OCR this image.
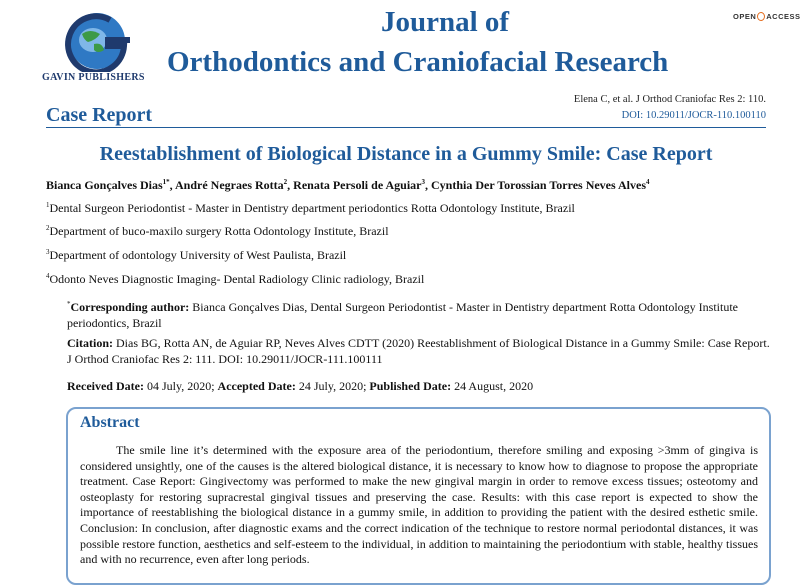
GAVIN PUBLISHERS
Journal of
Orthodontics and Craniofacial Research
OPEN ACCESS
Case Report
Elena C, et al. J Orthod Craniofac Res 2: 110.
DOI: 10.29011/JOCR-110.100110
Reestablishment of Biological Distance in a Gummy Smile: Case Report
Bianca Gonçalves Dias$^{1*}$, André Negraes Rotta$^2$, Renata Persoli de Aguiar$^3$, Cynthia Der Torossian Torres Neves Alves$^4$
$^1$Dental Surgeon Periodontist - Master in Dentistry department periodontics Rotta Odontology Institute, Brazil
$^2$Department of buco-maxilo surgery Rotta Odontology Institute, Brazil
$^3$Department of odontology University of West Paulista, Brazil
$^4$Odonto Neves Diagnostic Imaging- Dental Radiology Clinic radiology, Brazil
*Corresponding author: Bianca Gonçalves Dias, Dental Surgeon Periodontist - Master in Dentistry department Rotta Odontology Institute periodontics, Brazil
Citation: Dias BG, Rotta AN, de Aguiar RP, Neves Alves CDTT (2020) Reestablishment of Biological Distance in a Gummy Smile: Case Report. J Orthod Craniofac Res 2: 111. DOI: 10.29011/JOCR-111.100111
Received Date: 04 July, 2020; Accepted Date: 24 July, 2020; Published Date: 24 August, 2020
Abstract
The smile line it’s determined with the exposure area of the periodontium, therefore smiling and exposing >3mm of gingiva is considered unsightly, one of the causes is the altered biological distance, it is necessary to know how to diagnose to propose the appropriate treatment. Case Report: Gingivectomy was performed to make the new gingival margin in order to remove excess tissues; osteotomy and osteoplasty for restoring supracrestal gingival tissues and preserving the case. Results: with this case report is expected to show the importance of reestablishing the biological distance in a gummy smile, in addition to providing the patient with the desired esthetic smile. Conclusion: In conclusion, after diagnostic exams and the correct indication of the technique to restore normal periodontal distances, it was possible restore function, aesthetics and self-esteem to the individual, in addition to maintaining the periodontium with stable, healthy tissues and with no recurrence, even after long periods.
